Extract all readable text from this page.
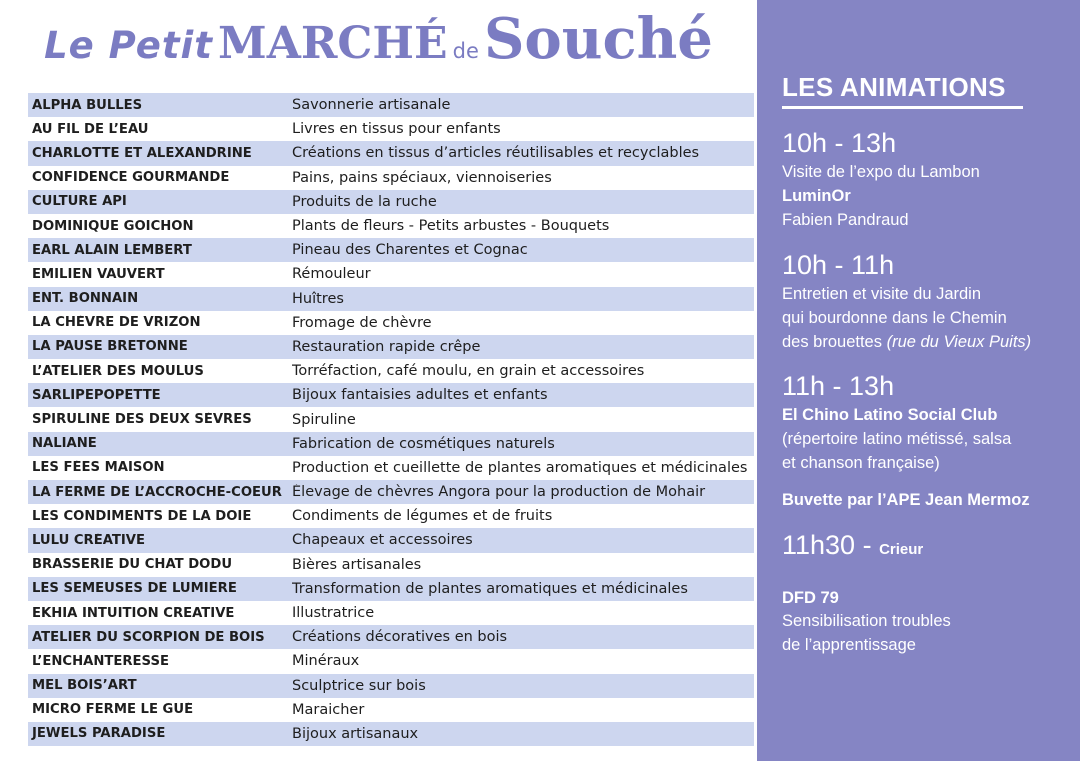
Le Petit MARCHÉ de Souché
ALPHA BULLES	Savonnerie artisanale
AU FIL DE L’EAU	Livres en tissus pour enfants
CHARLOTTE ET ALEXANDRINE	Créations en tissus d’articles réutilisables et recyclables
CONFIDENCE GOURMANDE	Pains, pains spéciaux, viennoiseries
CULTURE API	Produits de la ruche
DOMINIQUE GOICHON	Plants de fleurs - Petits arbustes - Bouquets
EARL ALAIN LEMBERT	Pineau des Charentes et Cognac
EMILIEN VAUVERT	Rémouleur
ENT. BONNAIN	Huîtres
LA CHÈVRE DE VRIZON	Fromage de chèvre
LA PAUSE BRETONNE	Restauration rapide crêpe
L’ATELIER DES MOULUS	Torréfaction, café moulu, en grain et accessoires
SARLIPEPOPETTE	Bijoux fantaisies adultes et enfants
SPIRULINE DES DEUX SÈVRES	Spiruline
NALIANE	Fabrication de cosmétiques naturels
LES FÉES MAISON	Production et cueillette de plantes aromatiques et médicinales
LA FERME DE L’ACCROCHE-COEUR Élevage de chèvres Angora pour la production de Mohair
LES CONDIMENTS DE LA DOIE	Condiments de légumes et de fruits
LULU CRÉATIVE	Chapeaux et accessoires
BRASSERIE DU CHAT DODU	Bières artisanales
LES SEMEUSES DE LUMIÈRE	Transformation de plantes aromatiques et médicinales
EKHIA INTUITION CREATIVE	Illustratrice
ATELIER DU SCORPION DE BOIS	Créations décoratives en bois
L’ENCHANTERESSE	Minéraux
MEL BOIS’ART	Sculptrice sur bois
MICRO FERME LE GUÉ	Maraicher
JEWELS PARADISE	Bijoux artisanaux
LES ANIMATIONS
10h - 13h
Visite de l’expo du Lambon
LuminOr
Fabien Pandraud
10h - 11h
Entretien et visite du Jardin
qui bourdonne dans le Chemin
des brouettes (rue du Vieux Puits)
11h - 13h
El Chino Latino Social Club
(répertoire latino métissé, salsa
et chanson française)
Buvette par l’APE Jean Mermoz
11h30 - Crieur
DFD 79
Sensibilisation troubles
de l’apprentissage
